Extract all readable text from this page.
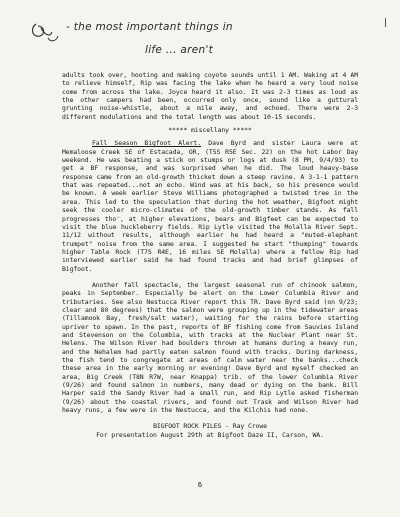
- the most important things in
life ... aren't

adults took over, hooting and making coyote sounds until 1 AM. Waking at 4 AM to relieve himself, Rip was facing the lake when he heard a very loud noise come from across the lake. Joyce heard it also. It was 2-3 times as loud as the other campers had been, occurred only once, sound like a guttural grunting noise-whistle, about a mile away, and echoed. There were 2-3 different modulations and the total length was about 10-15 seconds.

***** miscellany *****

Fall Season Bigfoot Alert. Dave Byrd and sister Laura were at Memaloose Creek SE of Estacada, OR, (T5S R5E Sec. 22) on the hot Labor Day weekend. He was beating a stick on stumps or logs at dusk (8 PM, 9/4/93) to get a BF response, and was surprised when he did. The loud heavy-base response came from an old-growth thicket down a steep ravine. A 3-1-1 pattern that was repeated...not an echo. Wind was at his back, so his presence would be known. A week earlier Steve Williams photographed a twisted tree in the area. This led to the speculation that during the hot weather, Bigfoot might seek the cooler micro-climates of the old-growth timber stands. As fall progresses tho', at higher elevations, bears and Bigfeet can be expected to visit the blue huckleberry fields. Rip Lytle visited the Molalla River Sept. 11/12 without results, although earlier he had heard a "muted-elephant trumpet" noise from the same area. I suggested he start "thumping" towards higher Table Rock (T7S R4E, 16 miles SE Molalla) where a fellow Rip had interviewed earlier said he had found tracks and had brief glimpses of Bigfoot.

Another fall spectacle, the largest seasonal run of chinook salmon, peaks in September. Especially be alert on the Lower Columbia River and tributaries. See also Nestucca River report this TR. Dave Byrd said (on 9/23; clear and 80 degrees) that the salmon were grouping up in the tidewater areas (Tillamook Bay, fresh/salt water), waiting for the rains before starting upriver to spawn. In the past, reports of BF fishing come from Sauvies Island and Stevenson on the Columbia, with tracks at the Nuclear Plant near St. Helens. The Wilson River had boulders thrown at humans during a heavy run, and the Nehalem had partly eaten salmon found with tracks. During darkness, the fish tend to congregate at areas of calm water near the banks...check these area in the early morning or evening! Dave Byrd and myself checked an area, Big Creek (T8N R7W, near Knappa) trib. of the lower Columbia River (9/26) and found salmon in numbers, many dead or dying on the bank. Bill Harper said the Sandy River had a small run, and Rip Lytle asked fisherman (9/26) about the coastal rivers, and found out Trask and Wilson River had heavy runs, a few were in the Nestucca, and the Kilchis had none.

BIGFOOT ROCK PILES - Ray Crowe

For presentation August 29th at Bigfoot Daze II, Carson, WA.

6
